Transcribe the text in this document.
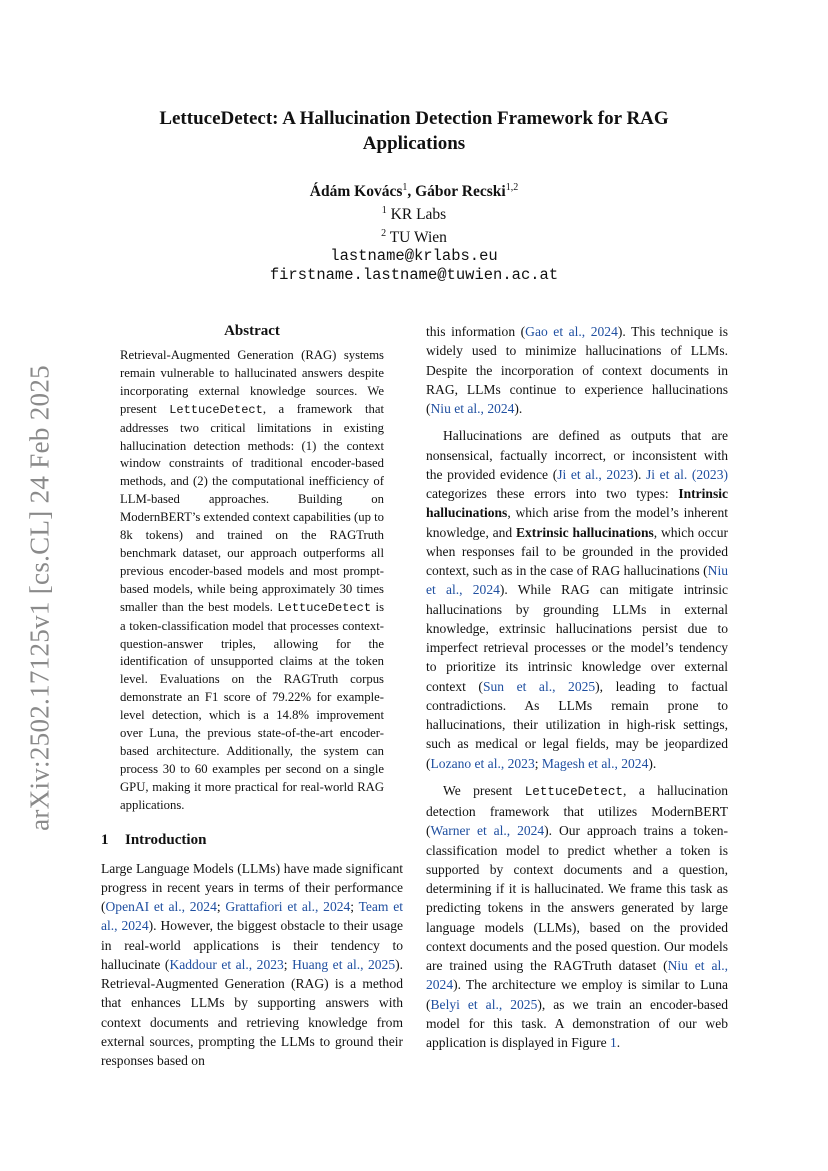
arXiv:2502.17125v1 [cs.CL] 24 Feb 2025
LettuceDetect: A Hallucination Detection Framework for RAG
Applications
Ádám Kovács$^1$, Gábor Recski$^{1,2}$
$^1$ KR Labs
$^2$ TU Wien
lastname@krlabs.eu
firstname.lastname@tuwien.ac.at
Abstract
Retrieval-Augmented Generation (RAG) systems remain vulnerable to hallucinated answers despite incorporating external knowledge sources. We present LettuceDetect, a framework that addresses two critical limitations in existing hallucination detection methods: (1) the context window constraints of traditional encoder-based methods, and (2) the computational inefficiency of LLM-based approaches. Building on ModernBERT’s extended context capabilities (up to 8k tokens) and trained on the RAGTruth benchmark dataset, our approach outperforms all previous encoder-based models and most prompt-based models, while being approximately 30 times smaller than the best models. LettuceDetect is a token-classification model that processes context-question-answer triples, allowing for the identification of unsupported claims at the token level. Evaluations on the RAGTruth corpus demonstrate an F1 score of 79.22% for example-level detection, which is a 14.8% improvement over Luna, the previous state-of-the-art encoder-based architecture. Additionally, the system can process 30 to 60 examples per second on a single GPU, making it more practical for real-world RAG applications.
1 Introduction

Large Language Models (LLMs) have made significant progress in recent years in terms of their performance (OpenAI et al., 2024; Grattafiori et al., 2024; Team et al., 2024). However, the biggest obstacle to their usage in real-world applications is their tendency to hallucinate (Kaddour et al., 2023; Huang et al., 2025). Retrieval-Augmented Generation (RAG) is a method that enhances LLMs by supporting answers with context documents and retrieving knowledge from external sources, prompting the LLMs to ground their responses based on

this information (Gao et al., 2024). This technique is widely used to minimize hallucinations of LLMs. Despite the incorporation of context documents in RAG, LLMs continue to experience hallucinations (Niu et al., 2024).

Hallucinations are defined as outputs that are nonsensical, factually incorrect, or inconsistent with the provided evidence (Ji et al., 2023). Ji et al. (2023) categorizes these errors into two types: Intrinsic hallucinations, which arise from the model’s inherent knowledge, and Extrinsic hallucinations, which occur when responses fail to be grounded in the provided context, such as in the case of RAG hallucinations (Niu et al., 2024). While RAG can mitigate intrinsic hallucinations by grounding LLMs in external knowledge, extrinsic hallucinations persist due to imperfect retrieval processes or the model’s tendency to prioritize its intrinsic knowledge over external context (Sun et al., 2025), leading to factual contradictions. As LLMs remain prone to hallucinations, their utilization in high-risk settings, such as medical or legal fields, may be jeopardized (Lozano et al., 2023; Magesh et al., 2024).

We present LettuceDetect, a hallucination detection framework that utilizes ModernBERT (Warner et al., 2024). Our approach trains a token-classification model to predict whether a token is supported by context documents and a question, determining if it is hallucinated. We frame this task as predicting tokens in the answers generated by large language models (LLMs), based on the provided context documents and the posed question. Our models are trained using the RAGTruth dataset (Niu et al., 2024). The architecture we employ is similar to Luna (Belyi et al., 2025), as we train an encoder-based model for this task. A demonstration of our web application is displayed in Figure 1.
